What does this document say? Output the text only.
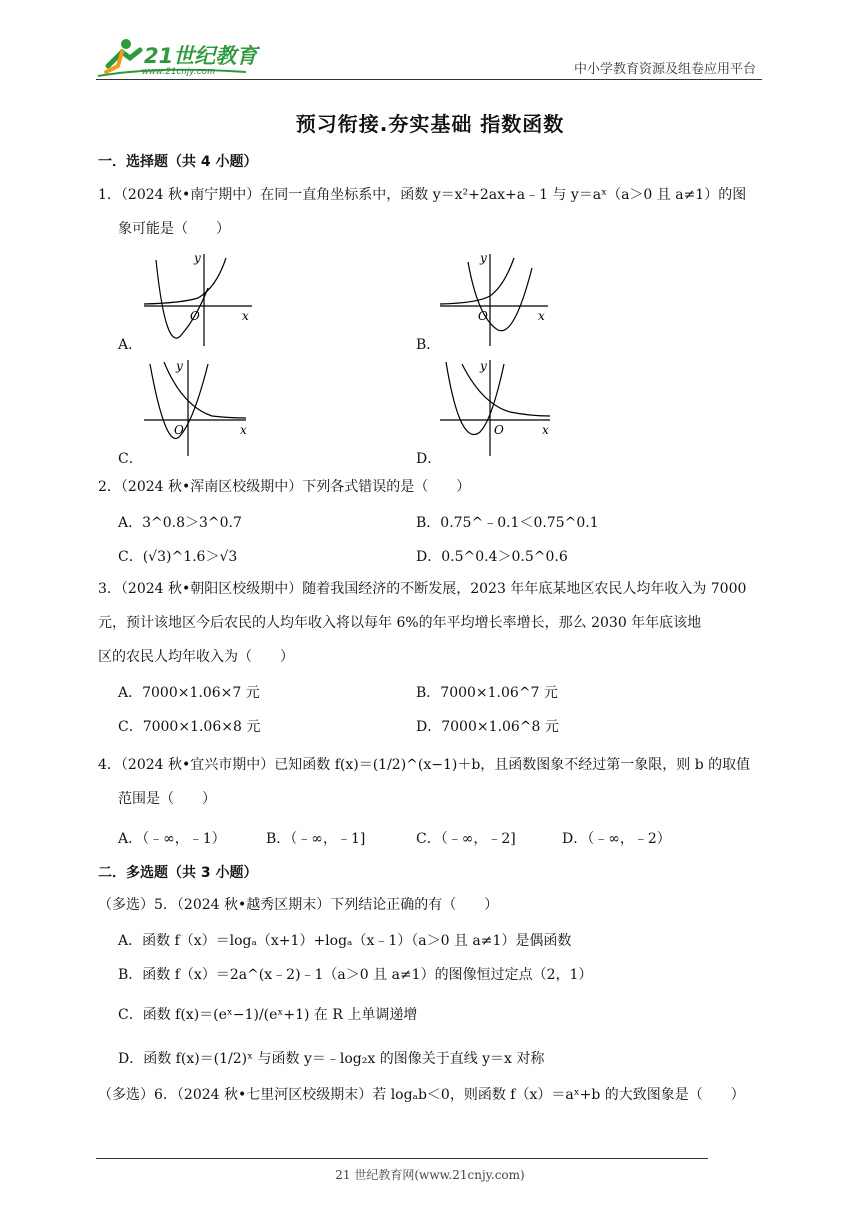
21世纪教育
www.21cnjy.com	中小学教育资源及组卷应用平台
预习衔接.夯实基础 指数函数
一．选择题（共 4 小题）
1．（2024 秋•南宁期中）在同一直角坐标系中，函数 y＝x²+2ax+a﹣1 与 y＝aˣ（a＞0 且 a≠1）的图
象可能是（　　）
y
x
O
A．
y
x
O
B．
y
x
O
C．
y
x
O
D．
2．（2024 秋•浑南区校级期中）下列各式错误的是（　　）
A．3^0.8＞3^0.7	B．0.75^﹣0.1＜0.75^0.1
C．(√3)^1.6＞√3	D．0.5^0.4＞0.5^0.6
3．（2024 秋•朝阳区校级期中）随着我国经济的不断发展，2023 年年底某地区农民人均年收入为 7000
元，预计该地区今后农民的人均年收入将以每年 6%的年平均增长率增长，那么 2030 年年底该地
区的农民人均年收入为（　　）
A．7000×1.06×7 元	B．7000×1.06^7 元
C．7000×1.06×8 元	D．7000×1.06^8 元
4．（2024 秋•宜兴市期中）已知函数 f(x)＝(1/2)^(x−1)＋b，且函数图象不经过第一象限，则 b 的取值
范围是（　　）
A．（﹣∞，﹣1）	B．（﹣∞，﹣1]	C．（﹣∞，﹣2]	D．（﹣∞，﹣2）
二．多选题（共 3 小题）
（多选）5．（2024 秋•越秀区期末）下列结论正确的有（　　）
A．函数 f（x）＝logₐ（x+1）+logₐ（x﹣1）（a＞0 且 a≠1）是偶函数
B．函数 f（x）＝2a^(x﹣2)﹣1（a＞0 且 a≠1）的图像恒过定点（2，1）
C．函数 f(x)＝(eˣ−1)/(eˣ+1) 在 R 上单调递增
D．函数 f(x)＝(1/2)ˣ 与函数 y＝﹣log₂x 的图像关于直线 y＝x 对称
（多选）6．（2024 秋•七里河区校级期末）若 logₐb＜0，则函数 f（x）＝aˣ+b 的大致图象是（　　）
21 世纪教育网(www.21cnjy.com)
